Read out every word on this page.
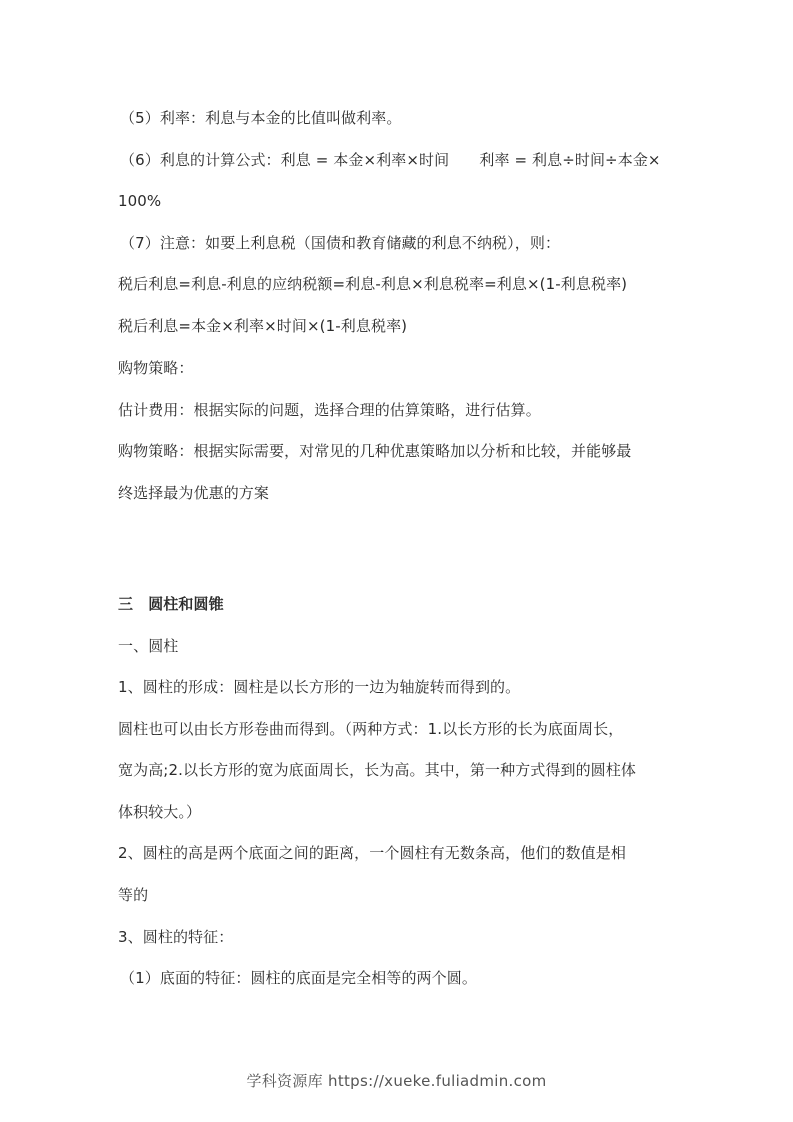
（5）利率：利息与本金的比值叫做利率。
（6）利息的计算公式：利息 = 本金×利率×时间　　利率 = 利息÷时间÷本金×
100%
（7）注意：如要上利息税（国债和教育储藏的利息不纳税），则：
税后利息=利息-利息的应纳税额=利息-利息×利息税率=利息×(1-利息税率)
税后利息=本金×利率×时间×(1-利息税率)
购物策略：
估计费用：根据实际的问题，选择合理的估算策略，进行估算。
购物策略：根据实际需要，对常见的几种优惠策略加以分析和比较，并能够最
终选择最为优惠的方案
三　圆柱和圆锥
一、圆柱
1、圆柱的形成：圆柱是以长方形的一边为轴旋转而得到的。
圆柱也可以由长方形卷曲而得到。（两种方式：1.以长方形的长为底面周长，
宽为高;2.以长方形的宽为底面周长，长为高。其中，第一种方式得到的圆柱体
体积较大。）
2、圆柱的高是两个底面之间的距离，一个圆柱有无数条高，他们的数值是相
等的
3、圆柱的特征：
（1）底面的特征：圆柱的底面是完全相等的两个圆。
学科资源库 https://xueke.fuliadmin.com
